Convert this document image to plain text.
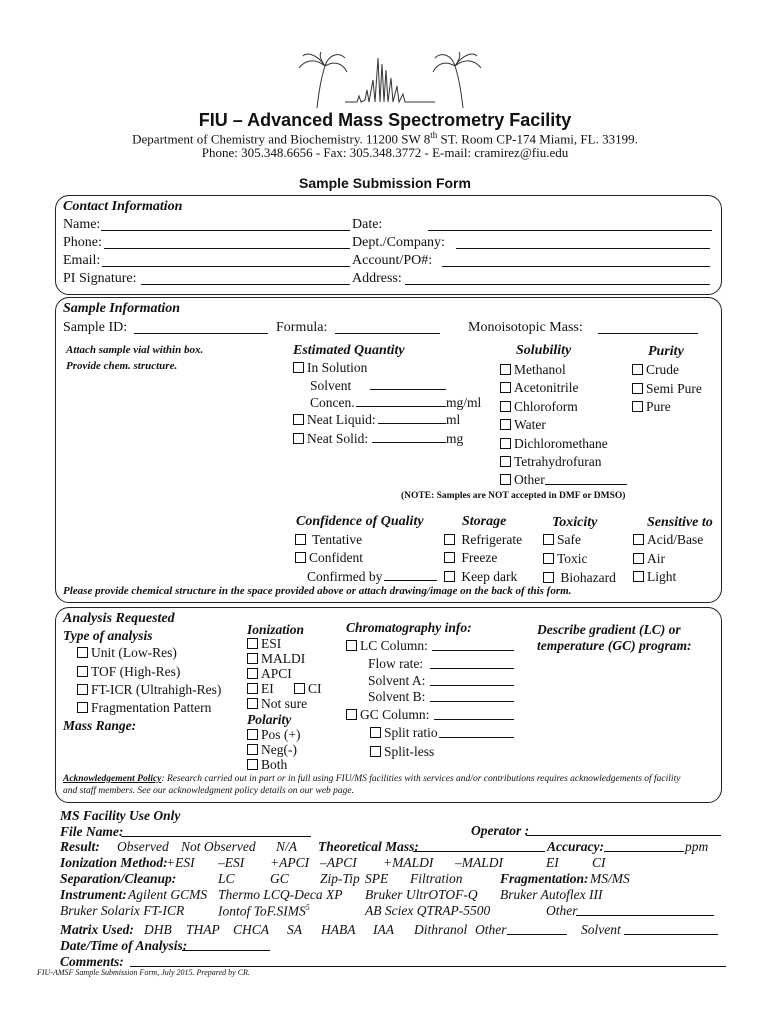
FIU – Advanced Mass Spectrometry Facility
Department of Chemistry and Biochemistry. 11200 SW 8th ST. Room CP-174 Miami, FL. 33199.
Phone: 305.348.6656 - Fax: 305.348.3772 - E-mail: cramirez@fiu.edu
Sample Submission Form
Contact Information
Name:	Date:
Phone:	Dept./Company:
Email:	Account/PO#:
PI Signature:	Address:
Sample Information
Sample ID:	Formula:	Monoisotopic Mass:
Attach sample vial within box.
Provide chem. structure.
Estimated Quantity
In Solution
Solvent
Concen.	mg/ml
Neat Liquid:	ml
Neat Solid:	mg
Solubility
Methanol
Acetonitrile
Chloroform
Water
Dichloromethane
Tetrahydrofuran
Other
Purity
Crude
Semi Pure
Pure
(NOTE: Samples are NOT accepted in DMF or DMSO)
Confidence of Quality
Tentative
Confident
Confirmed by
Storage
Refrigerate
Freeze
Keep dark
Toxicity
Safe
Toxic
Biohazard
Sensitive to
Acid/Base
Air
Light
Please provide chemical structure in the space provided above or attach drawing/image on the back of this form.
Analysis Requested
Type of analysis
Unit (Low-Res)
TOF (High-Res)
FT-ICR (Ultrahigh-Res)
Fragmentation Pattern
Mass Range:
Ionization
ESI
MALDI
APCI
EI	CI
Not sure
Polarity
Pos (+)
Neg(-)
Both
Chromatography info:
LC Column:
Flow rate:
Solvent A:
Solvent B:
GC Column:
Split ratio
Split-less
Describe gradient (LC) or
temperature (GC) program:
Acknowledgement Policy: Research carried out in part or in full using FIU/MS facilities with services and/or contributions requires acknowledgements of facility
and staff members. See our acknowledgment policy details on our web page.
MS Facility Use Only
File Name:	Operator :
Result: Observed Not Observed N/A Theoretical Mass:	Accuracy:	ppm
Ionization Method:
+ESI –ESI +APCI –APCI +MALDI –MALDI	EI CI
Separation/Cleanup:	LC	GC Zip-Tip SPE Filtration	Fragmentation: MS/MS
Instrument: Agilent GCMS Thermo LCQ-Deca XP Bruker UltrOTOF-Q Bruker Autoflex III
Bruker Solarix FT-ICR	Iontof ToF.SIMS$^5$	AB Sciex QTRAP-5500	Other
Matrix Used: DHB THAP CHCA SA HABA IAA Dithranol Other	Solvent
Date/Time of Analysis:
Comments:
FIU-AMSF Sample Submission Form, July 2015. Prepared by CR.
